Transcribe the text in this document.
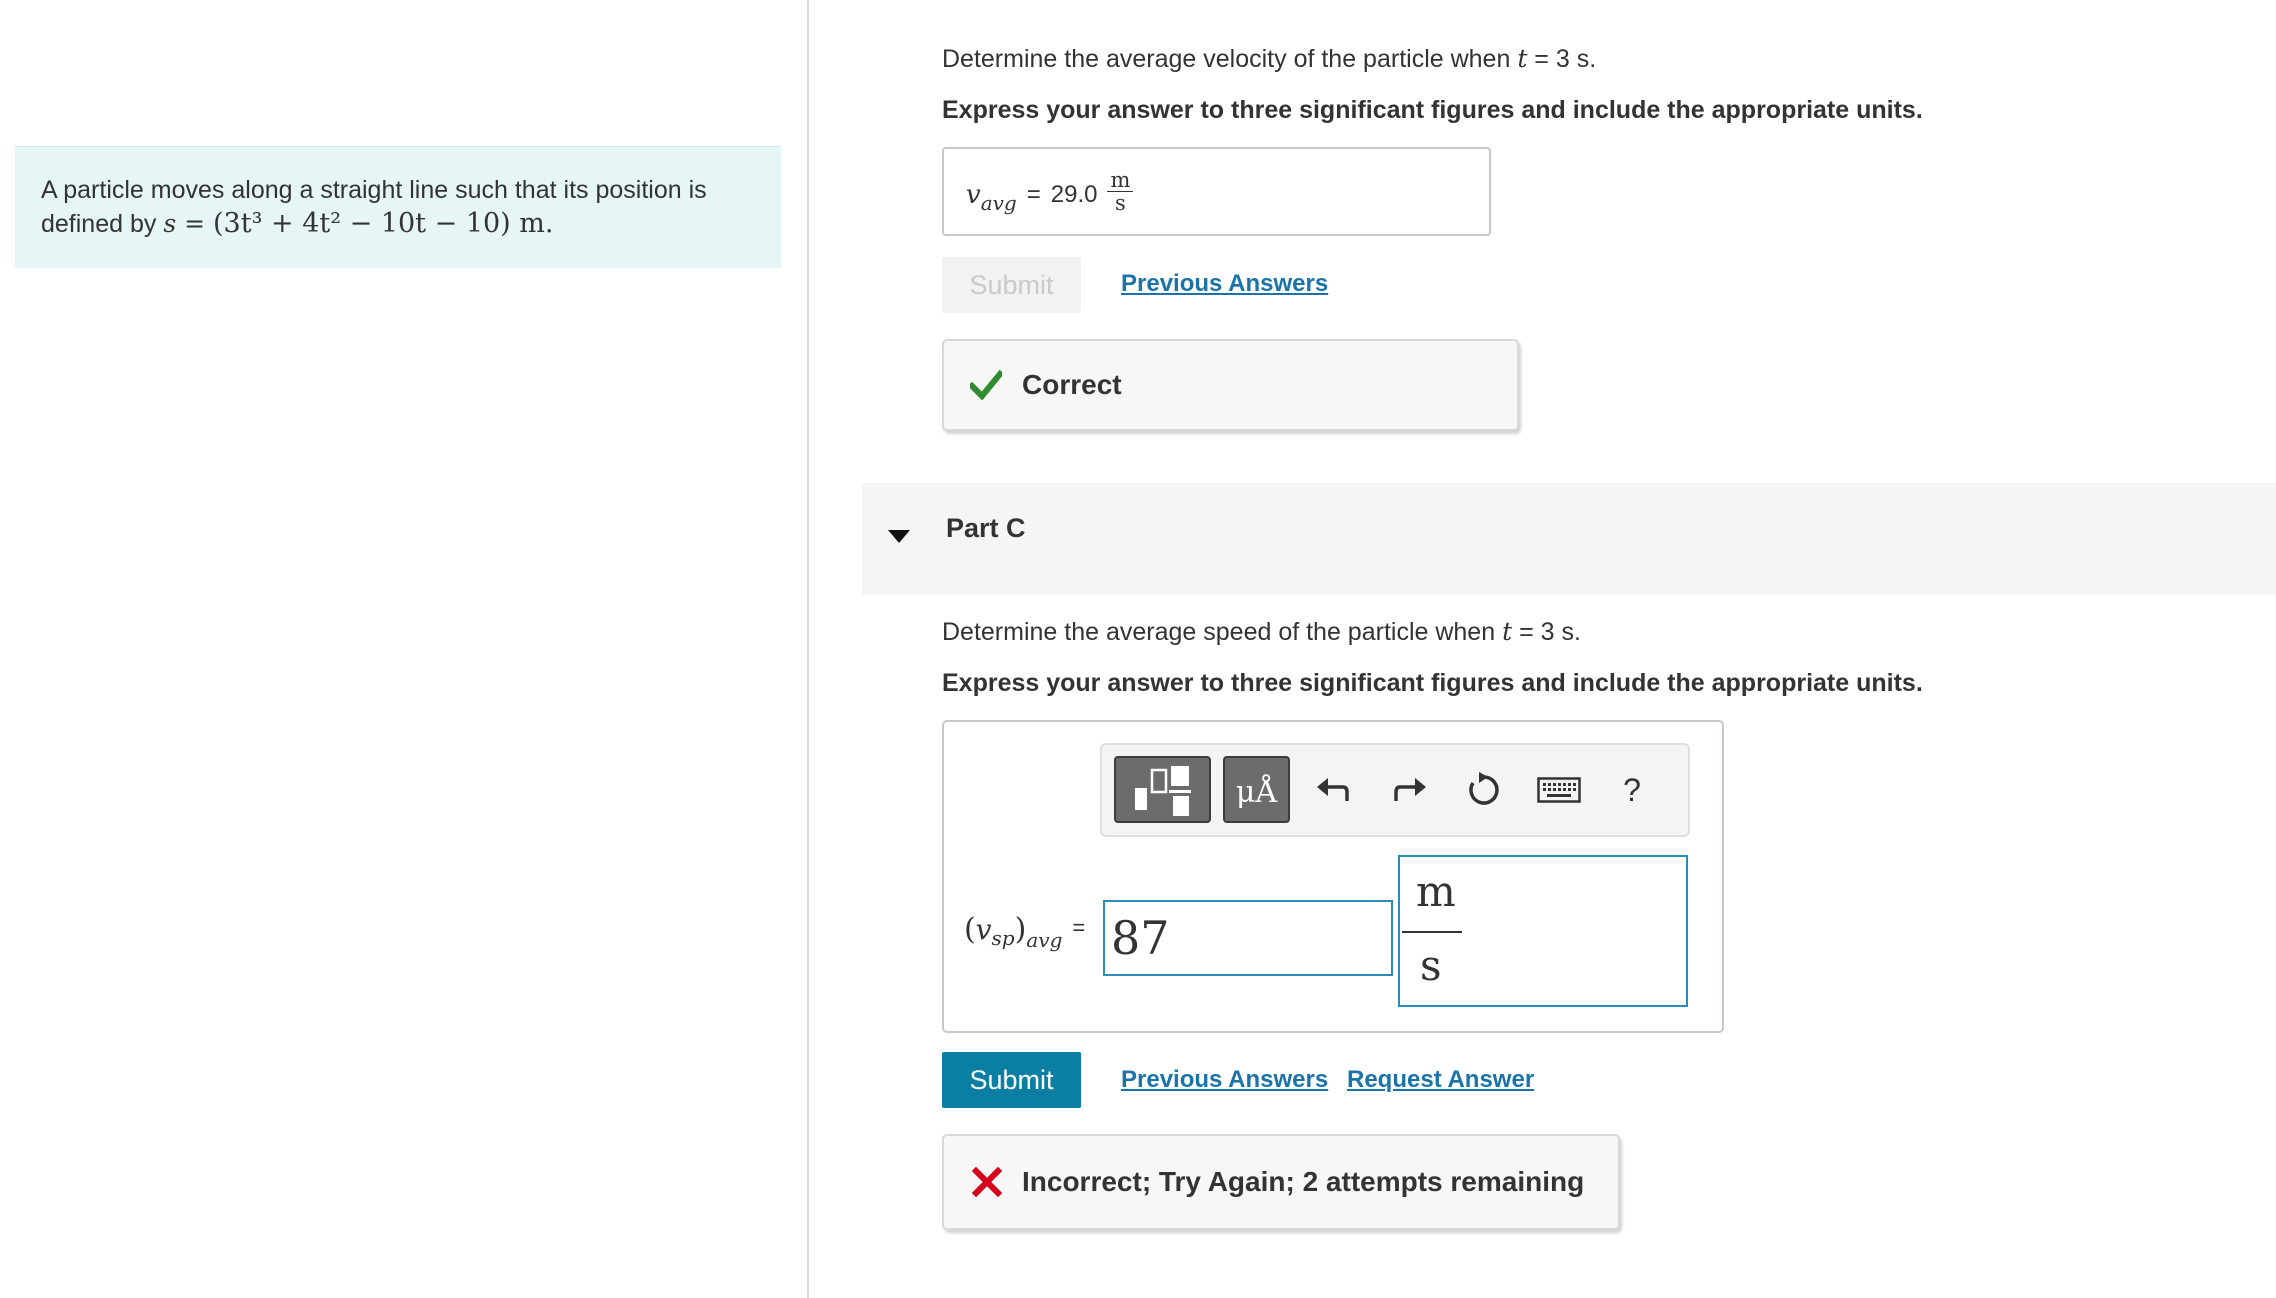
A particle moves along a straight line such that its position is defined by s = (3t³ + 4t² − 10t − 10) m.
Determine the average velocity of the particle when t = 3 s.
Express your answer to three significant figures and include the appropriate units.
v avg = $29.0 \frac{m}{s}$
Submit	Previous Answers
Correct
Part C
Determine the average speed of the particle when t = 3 s.
Express your answer to three significant figures and include the appropriate units.
μÅ	?
( v sp ) avg = 87
m
s
Submit	Previous Answers Request Answer
Incorrect; Try Again; 2 attempts remaining
